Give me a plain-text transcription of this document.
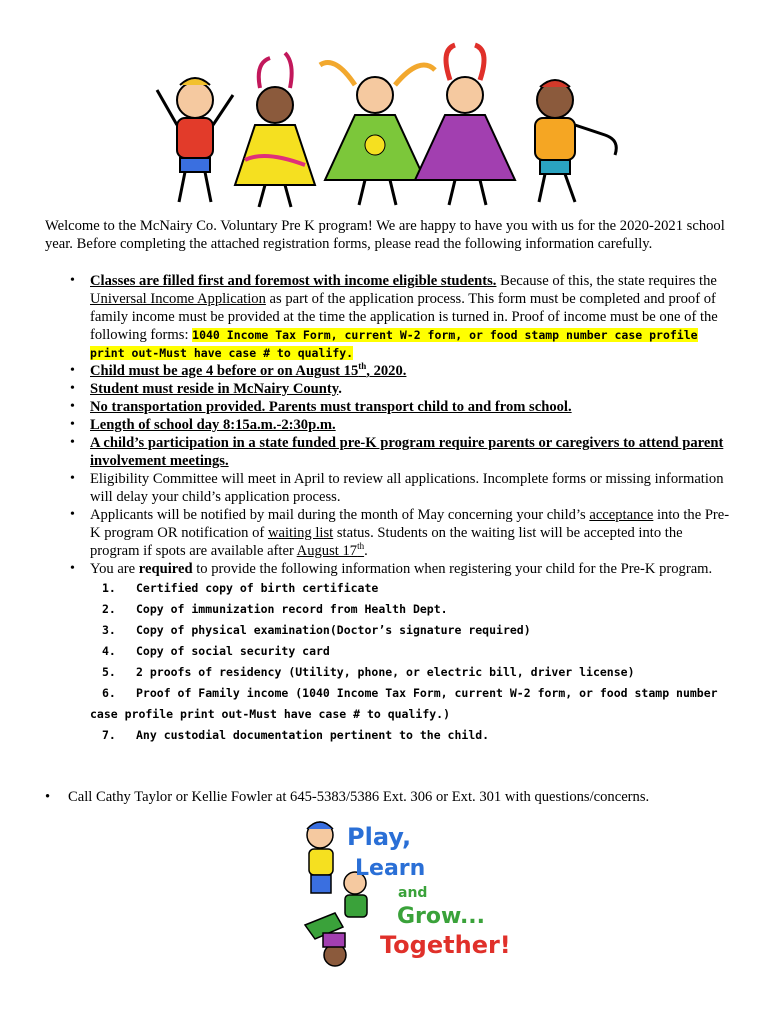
Welcome to the McNairy Co. Voluntary Pre K program! We are happy to have you with us for the 2020-2021 school year. Before completing the attached registration forms, please read the following information carefully.

• Classes are filled first and foremost with income eligible students. Because of this, the state requires the Universal Income Application as part of the application process. This form must be completed and proof of family income must be provided at the time the application is turned in. Proof of income must be one of the following forms: 1040 Income Tax Form, current W-2 form, or food stamp number case profile print out-Must have case # to qualify.
• Child must be age 4 before or on August 15th, 2020.
• Student must reside in McNairy County.
• No transportation provided. Parents must transport child to and from school.
• Length of school day 8:15a.m.-2:30p.m.
• A child’s participation in a state funded pre-K program require parents or caregivers to attend parent involvement meetings.
• Eligibility Committee will meet in April to review all applications. Incomplete forms or missing information will delay your child’s application process.
• Applicants will be notified by mail during the month of May concerning your child’s acceptance into the Pre-K program OR notification of waiting list status. Students on the waiting list will be accepted into the program if spots are available after August 17th.
• You are required to provide the following information when registering your child for the Pre-K program.
1. Certified copy of birth certificate
2. Copy of immunization record from Health Dept.
3. Copy of physical examination(Doctor’s signature required)
4. Copy of social security card
5. 2 proofs of residency (Utility, phone, or electric bill, driver license)
6. Proof of Family income (1040 Income Tax Form, current W-2 form, or food stamp number
case profile print out-Must have case # to qualify.)
7. Any custodial documentation pertinent to the child.
• Call Cathy Taylor or Kellie Fowler at 645-5383/5386 Ext. 306 or Ext. 301 with questions/concerns.
Play,
Learn
and
Grow...
Together!
